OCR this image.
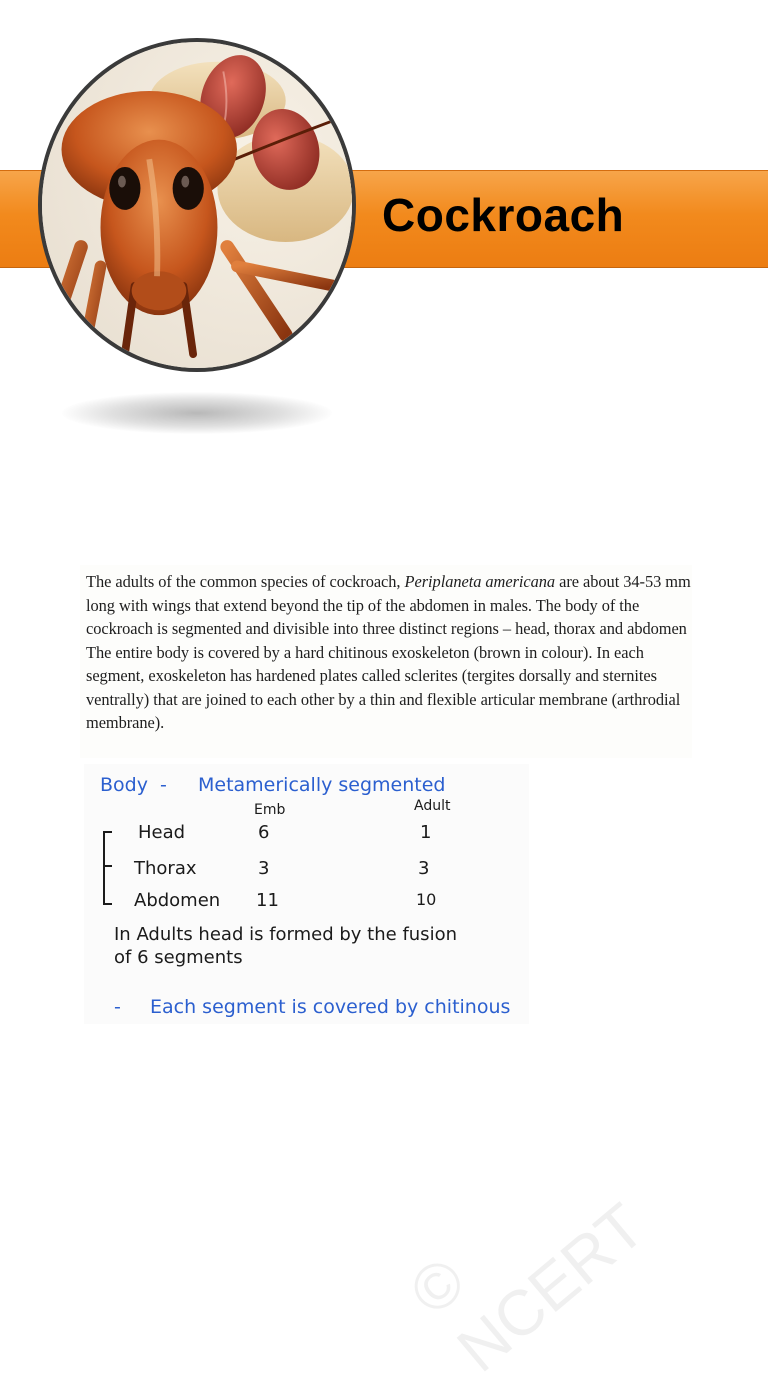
Cockroach

The adults of the common species of cockroach, Periplaneta americana are about 34-53 mm long with wings that extend beyond the tip of the abdomen in males. The body of the cockroach is segmented and divisible into three distinct regions – head, thorax and abdomen

The entire body is covered by a hard chitinous exoskeleton (brown in colour). In each segment, exoskeleton has hardened plates called sclerites (tergites dorsally and sternites ventrally) that are joined to each other by a thin and flexible articular membrane (arthrodial membrane).

© NCERT
Body - Metamerically segmented
Emb	Adult
Head	6	1
Thorax	3	3
Abdomen 11	10
In Adults head is formed by the fusion
of 6 segments
- Each segment is covered by chitinous
